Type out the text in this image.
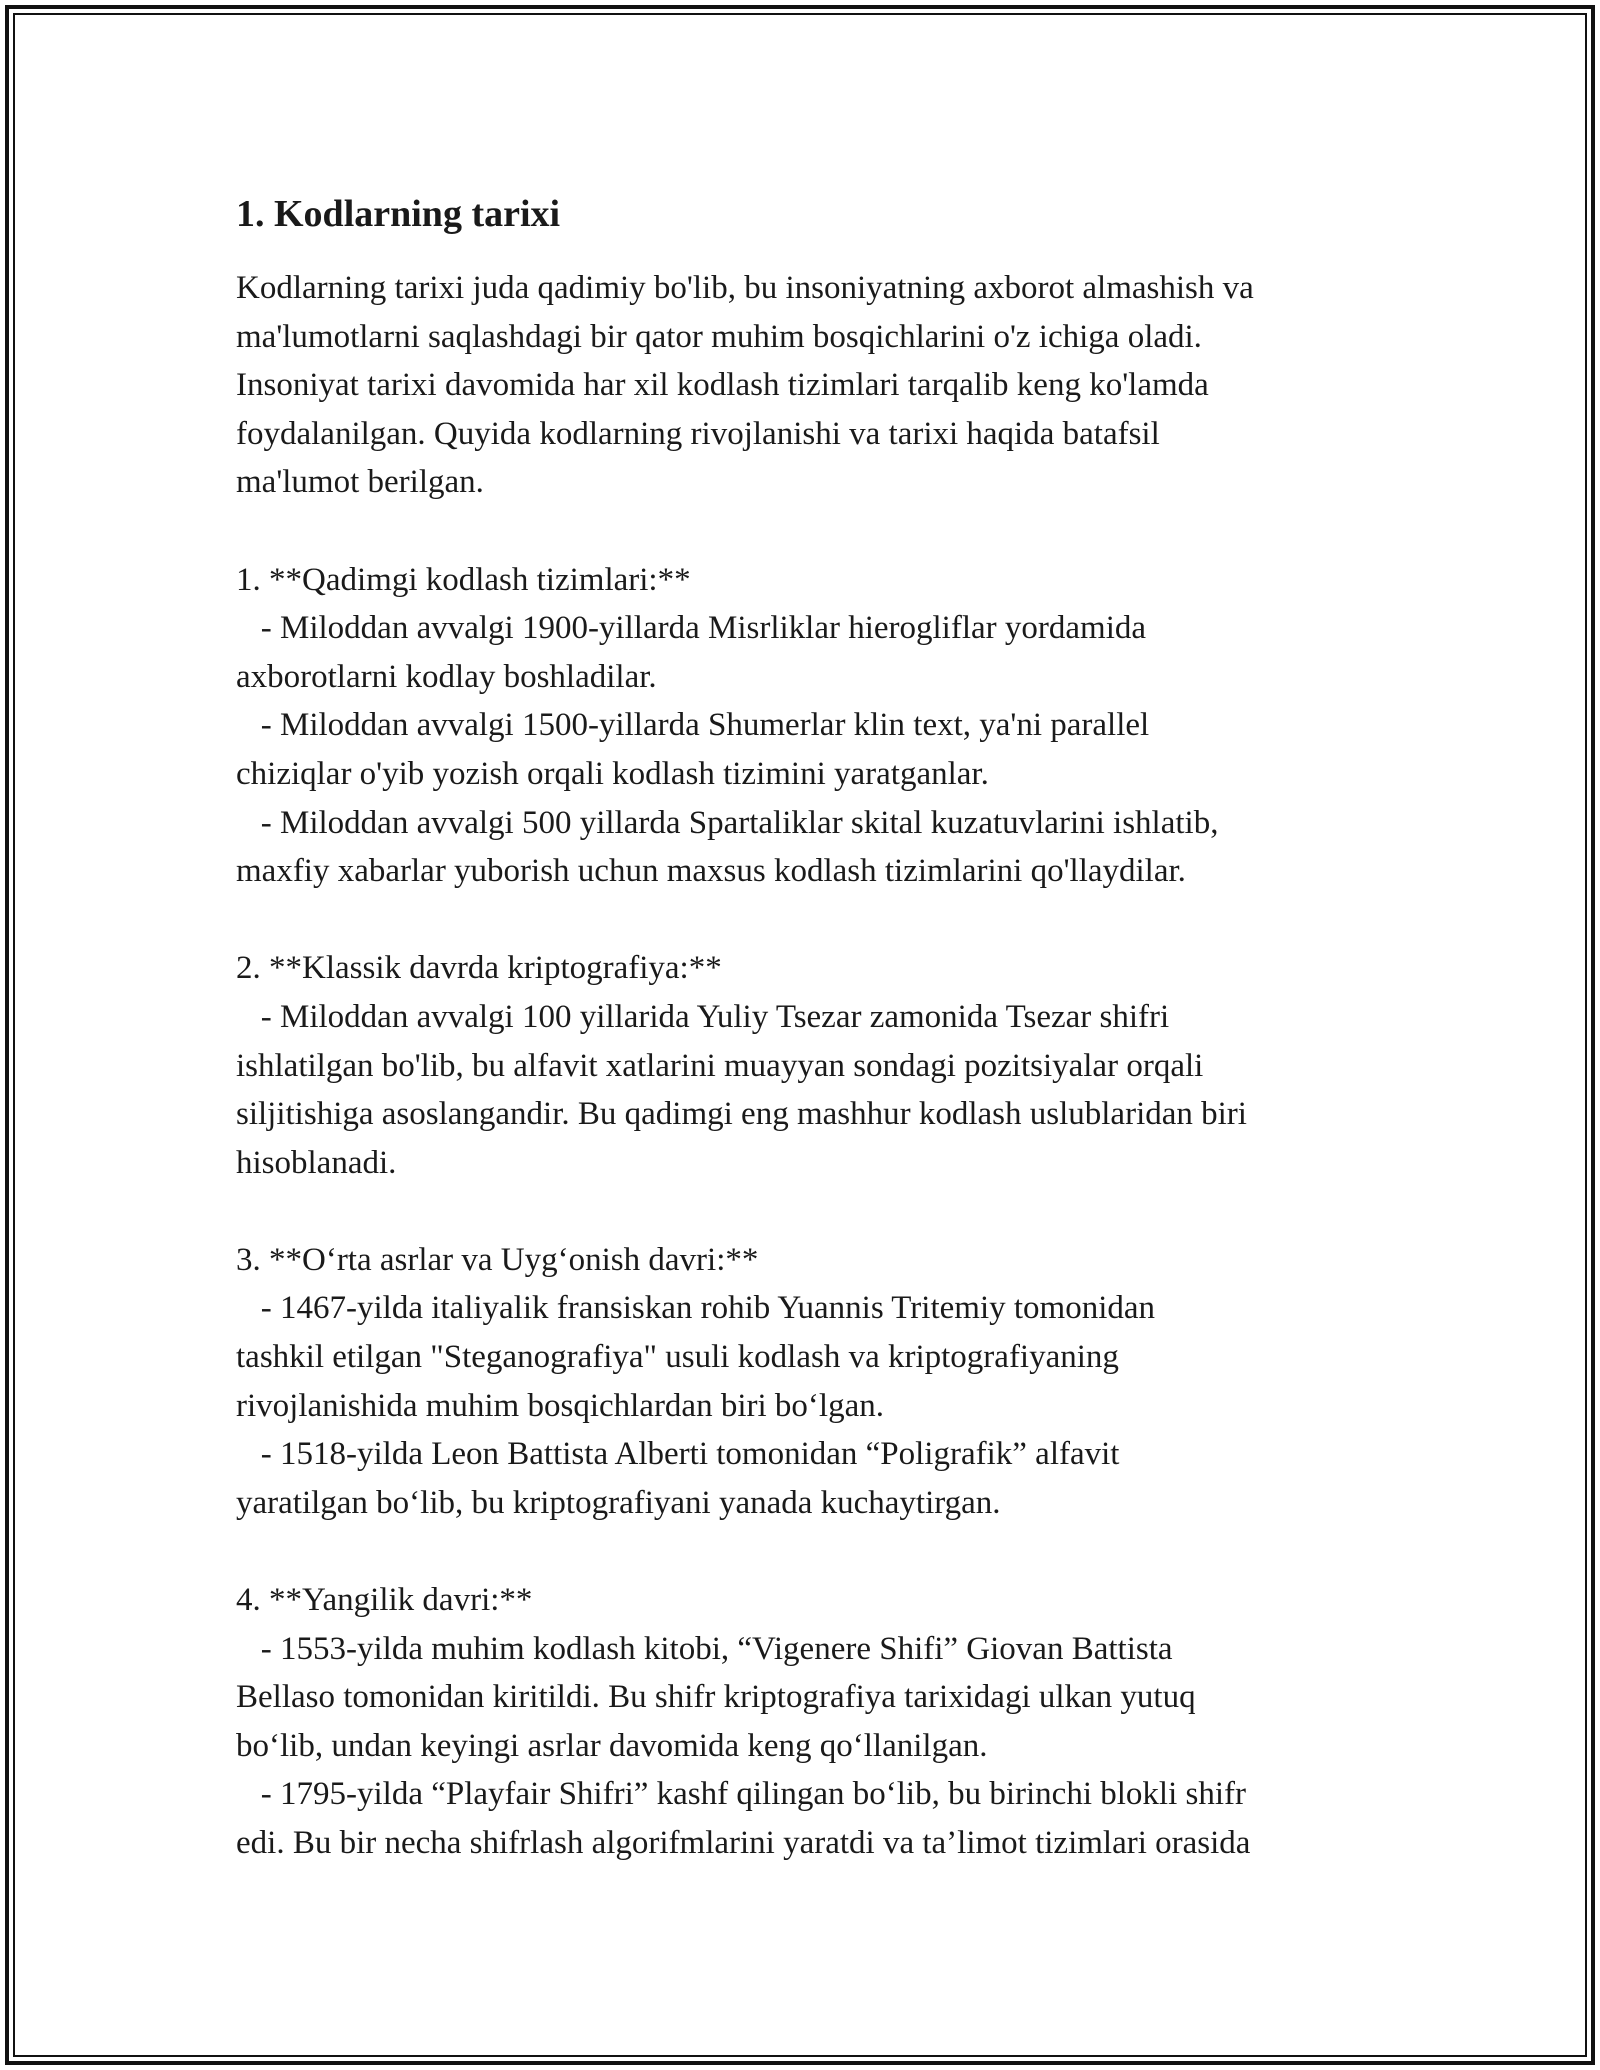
1. Kodlarning tarixi
Kodlarning tarixi juda qadimiy bo'lib, bu insoniyatning axborot almashish va
ma'lumotlarni saqlashdagi bir qator muhim bosqichlarini o'z ichiga oladi.
Insoniyat tarixi davomida har xil kodlash tizimlari tarqalib keng ko'lamda
foydalanilgan. Quyida kodlarning rivojlanishi va tarixi haqida batafsil
ma'lumot berilgan.
1. **Qadimgi kodlash tizimlari:**
- Miloddan avvalgi 1900-yillarda Misrliklar hierogliflar yordamida
axborotlarni kodlay boshladilar.
- Miloddan avvalgi 1500-yillarda Shumerlar klin text, ya'ni parallel
chiziqlar o'yib yozish orqali kodlash tizimini yaratganlar.
- Miloddan avvalgi 500 yillarda Spartaliklar skital kuzatuvlarini ishlatib,
maxfiy xabarlar yuborish uchun maxsus kodlash tizimlarini qo'llaydilar.
2. **Klassik davrda kriptografiya:**
- Miloddan avvalgi 100 yillarida Yuliy Tsezar zamonida Tsezar shifri
ishlatilgan bo'lib, bu alfavit xatlarini muayyan sondagi pozitsiyalar orqali
siljitishiga asoslangandir. Bu qadimgi eng mashhur kodlash uslublaridan biri
hisoblanadi.
3. **O‘rta asrlar va Uyg‘onish davri:**
- 1467-yilda italiyalik fransiskan rohib Yuannis Tritemiy tomonidan
tashkil etilgan "Steganografiya" usuli kodlash va kriptografiyaning
rivojlanishida muhim bosqichlardan biri bo‘lgan.
- 1518-yilda Leon Battista Alberti tomonidan “Poligrafik” alfavit
yaratilgan bo‘lib, bu kriptografiyani yanada kuchaytirgan.
4. **Yangilik davri:**
- 1553-yilda muhim kodlash kitobi, “Vigenere Shifi” Giovan Battista
Bellaso tomonidan kiritildi. Bu shifr kriptografiya tarixidagi ulkan yutuq
bo‘lib, undan keyingi asrlar davomida keng qo‘llanilgan.
- 1795-yilda “Playfair Shifri” kashf qilingan bo‘lib, bu birinchi blokli shifr
edi. Bu bir necha shifrlash algorifmlarini yaratdi va ta’limot tizimlari orasida
